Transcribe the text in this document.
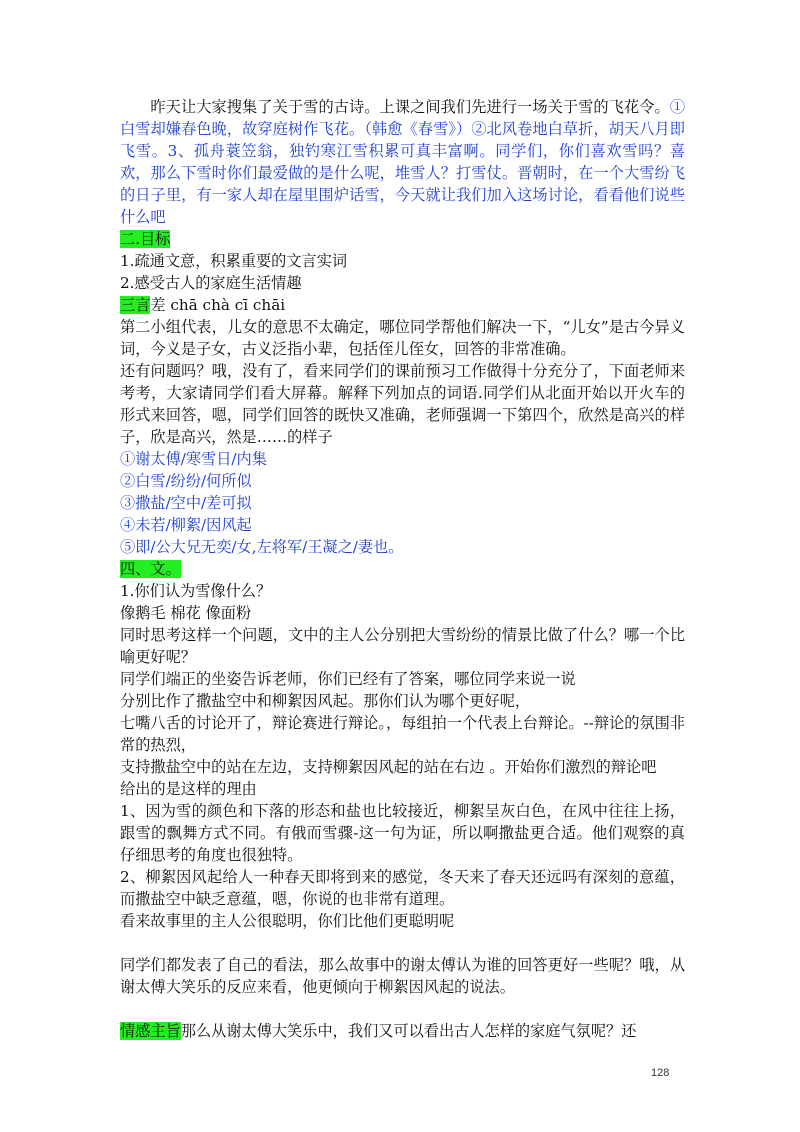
昨天让大家搜集了关于雪的古诗。上课之间我们先进行一场关于雪的飞花令。①白雪却嫌春色晚，故穿庭树作飞花。（韩愈《春雪》）②北风卷地白草折，胡天八月即飞雪。3、孤舟蓑笠翁，独钓寒江雪积累可真丰富啊。同学们，你们喜欢雪吗？喜欢，那么下雪时你们最爱做的是什么呢，堆雪人？打雪仗。晋朝时，在一个大雪纷飞的日子里，有一家人却在屋里围炉话雪，今天就让我们加入这场讨论，看看他们说些什么吧

二.目标

1.疏通文意，积累重要的文言实词

2.感受古人的家庭生活情趣

三言差 chā chà cī chāi

第二小组代表，儿女的意思不太确定，哪位同学帮他们解决一下，“儿女”是古今异义词，今义是子女，古义泛指小辈，包括侄儿侄女，回答的非常准确。

还有问题吗？哦，没有了，看来同学们的课前预习工作做得十分充分了，下面老师来考考，大家请同学们看大屏幕。解释下列加点的词语.同学们从北面开始以开火车的形式来回答，嗯，同学们回答的既快又准确，老师强调一下第四个，欣然是高兴的样子，欣是高兴，然是……的样子

①谢太傅/寒雪日/内集

②白雪/纷纷/何所似

③撒盐/空中/差可拟

④未若/柳絮/因风起

⑤即/公大兄无奕/女,左将军/王凝之/妻也。

四、文。

1.你们认为雪像什么？

像鹅毛 棉花 像面粉

同时思考这样一个问题，文中的主人公分别把大雪纷纷的情景比做了什么？哪一个比喻更好呢？

同学们端正的坐姿告诉老师，你们已经有了答案，哪位同学来说一说

分别比作了撒盐空中和柳絮因风起。那你们认为哪个更好呢，

七嘴八舌的讨论开了，辩论赛进行辩论。，每组拍一个代表上台辩论。--辩论的氛围非常的热烈，

支持撒盐空中的站在左边，支持柳絮因风起的站在右边 。开始你们激烈的辩论吧

给出的是这样的理由

1、因为雪的颜色和下落的形态和盐也比较接近，柳絮呈灰白色，在风中往往上扬，跟雪的飘舞方式不同。有俄而雪骤-这一句为证，所以啊撒盐更合适。他们观察的真仔细思考的角度也很独特。

2、柳絮因风起给人一种春天即将到来的感觉，冬天来了春天还远吗有深刻的意蕴，而撒盐空中缺乏意蕴，嗯，你说的也非常有道理。

看来故事里的主人公很聪明，你们比他们更聪明呢

同学们都发表了自己的看法，那么故事中的谢太傅认为谁的回答更好一些呢？哦，从谢太傅大笑乐的反应来看，他更倾向于柳絮因风起的说法。

情感主旨那么从谢太傅大笑乐中，我们又可以看出古人怎样的家庭气氛呢？还

128
